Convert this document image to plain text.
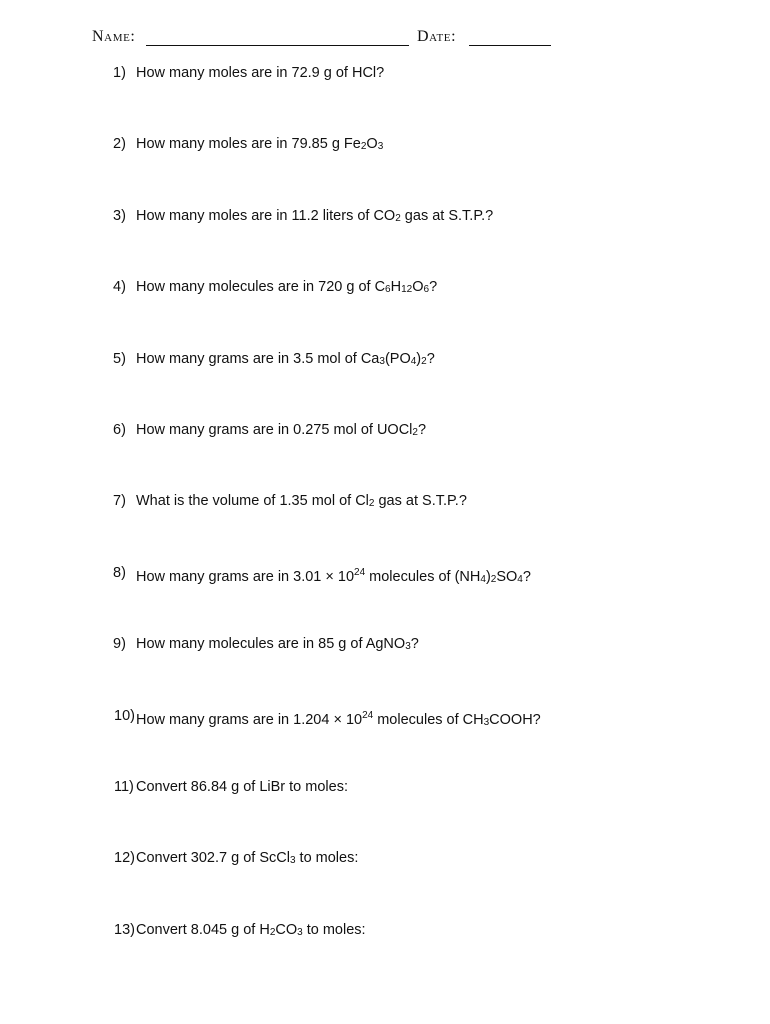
Name:	Date:
1) How many moles are in 72.9 g of HCl?
2) How many moles are in 79.85 g $Fe_2O_3$
3) How many moles are in 11.2 liters of $CO_2$ gas at S.T.P.?
4) How many molecules are in 720 g of $C_6H_{12}O_6$?
5) How many grams are in 3.5 mol of $Ca_3(PO_4)_2$?
6) How many grams are in 0.275 mol of UOCl$_2$?
7) What is the volume of 1.35 mol of $Cl_2$ gas at S.T.P.?
8) How many grams are in $3.01 \times 10^{24}$ molecules of $(NH_4)_2SO_4$?
9) How many molecules are in 85 g of AgNO$_3$?
10) How many grams are in $1.204 \times 10^{24}$ molecules of $CH_3COOH$?
11) Convert 86.84 g of LiBr to moles:
12) Convert 302.7 g of ScCl$_3$ to moles:
13) Convert 8.045 g of $H_2CO_3$ to moles:
